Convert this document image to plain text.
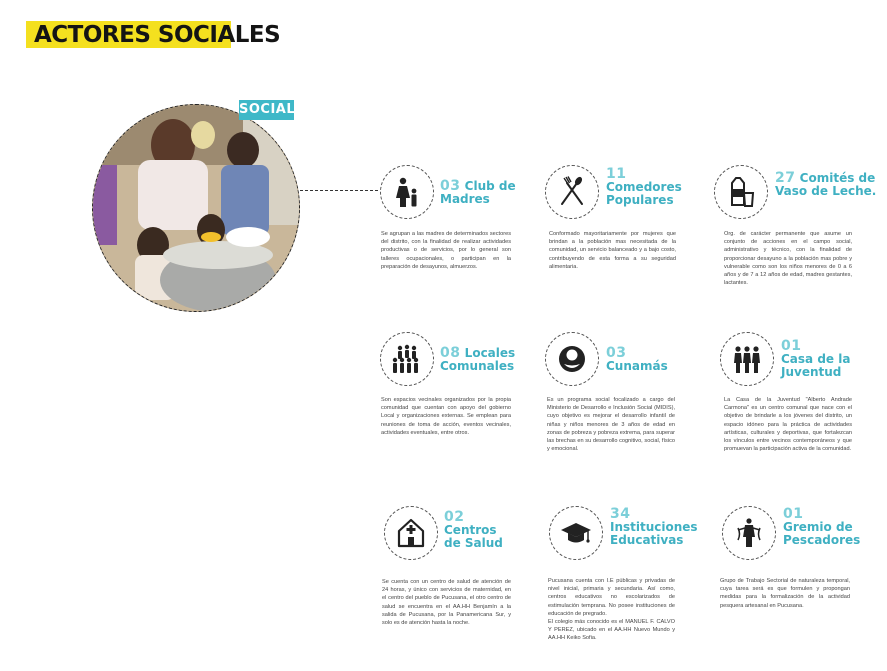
ACTORES SOCIALES
SOCIAL
03 Club de
Madres
Se agrupan a las madres de determinados sectores del distrito, con la finalidad de realizar actividades productivas o de servicios, por lo general son talleres ocupacionales, o participan en la preparación de desayunos, almuerzos.
11
Comedores
Populares
Conformado mayoritariamente por mujeres que brindan a la población mas necesitada de la comunidad, un servicio balanceado y a bajo costo, contribuyendo de esta forma a su seguridad alimentaria.
27 Comités de
Vaso de Leche.
Org. de carácter permanente que asume un conjunto de acciones en el campo social, administrativo y técnico, con la finalidad de proporcionar desayuno a la población mas pobre y vulnerable como son los niños menores de 0 a 6 años y de 7 a 12 años de edad, madres gestantes, lactantes.
08 Locales
Comunales
Son espacios vecinales organizados por la propia comunidad que cuentan con apoyo del gobierno Local y organizaciones externas. Se emplean para reuniones de toma de acción, eventos vecinales, actividades eventuales, entre otros.
03
Cunamás
Es un programa social focalizado a cargo del Ministerio de Desarrollo e Inclusión Social (MIDIS), cuyo objetivo es mejorar el desarrollo infantil de niñas y niños menores de 3 años de edad en zonas de pobreza y pobreza extrema, para superar las brechas en su desarrollo cognitivo, social, físico y emocional.
01
Casa de la
Juventud
La Casa de la Juventud "Alberto Andrade Carmona" es un centro comunal que nace con el objetivo de brindarle a los jóvenes del distrito, un espacio idóneo para la práctica de actividades artísticas, culturales y deportivas, que fortalezcan los vínculos entre vecinos contemporáneos y que promuevan la participación activa de la comunidad.
02
Centros
de Salud
Se cuenta con un centro de salud de atención de 24 horas, y único con servicios de maternidad, en el centro del pueblo de Pucusana, el otro centro de salud se encuentra en el AA.HH Benjamín a la salida de Pucusana, por la Panamericana Sur, y solo es de atención hasta la noche.
34
Instituciones
Educativas
Pucusana cuenta con I.E públicas y privadas de nivel inicial, primaria y secundaria. Así como, centros educativos no escolarizados de estimulación temprana. No posee instituciones de educación de pregrado.
El colegio más conocido es el MANUEL F. CALVO Y PEREZ, ubicado en el AA.HH Nuevo Mundo y AA.HH Keiko Sofia.
01
Gremio de
Pescadores
Grupo de Trabajo Sectorial de naturaleza temporal, cuya tarea será es que formulen y propongan medidas para la formalización de la actividad pesquera artesanal en Pucusana.
